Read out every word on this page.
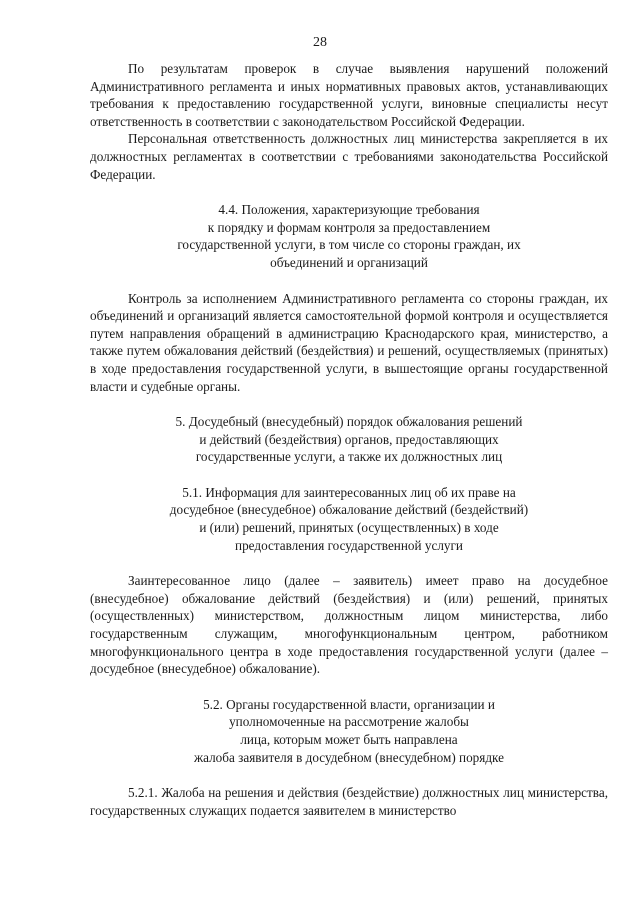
28

По результатам проверок в случае выявления нарушений положений Административного регламента и иных нормативных правовых актов, устанавливающих требования к предоставлению государственной услуги, виновные специалисты несут ответственность в соответствии с законодательством Российской Федерации.

Персональная ответственность должностных лиц министерства закрепляется в их должностных регламентах в соответствии с требованиями законодательства Российской Федерации.

4.4. Положения, характеризующие требования
к порядку и формам контроля за предоставлением
государственной услуги, в том числе со стороны граждан, их
объединений и организаций

Контроль за исполнением Административного регламента со стороны граждан, их объединений и организаций является самостоятельной формой контроля и осуществляется путем направления обращений в администрацию Краснодарского края, министерство, а также путем обжалования действий (бездействия) и решений, осуществляемых (принятых) в ходе предоставления государственной услуги, в вышестоящие органы государственной власти и судебные органы.

5. Досудебный (внесудебный) порядок обжалования решений
и действий (бездействия) органов, предоставляющих
государственные услуги, а также их должностных лиц
5.1. Информация для заинтересованных лиц об их праве на
досудебное (внесудебное) обжалование действий (бездействий)
и (или) решений, принятых (осуществленных) в ходе
предоставления государственной услуги

Заинтересованное лицо (далее – заявитель) имеет право на досудебное (внесудебное) обжалование действий (бездействия) и (или) решений, принятых (осуществленных) министерством, должностным лицом министерства, либо государственным служащим, многофункциональным центром, работником многофункционального центра в ходе предоставления государственной услуги (далее – досудебное (внесудебное) обжалование).

5.2. Органы государственной власти, организации и
уполномоченные на рассмотрение жалобы
лица, которым может быть направлена
жалоба заявителя в досудебном (внесудебном) порядке

5.2.1. Жалоба на решения и действия (бездействие) должностных лиц министерства, государственных служащих подается заявителем в министерство
